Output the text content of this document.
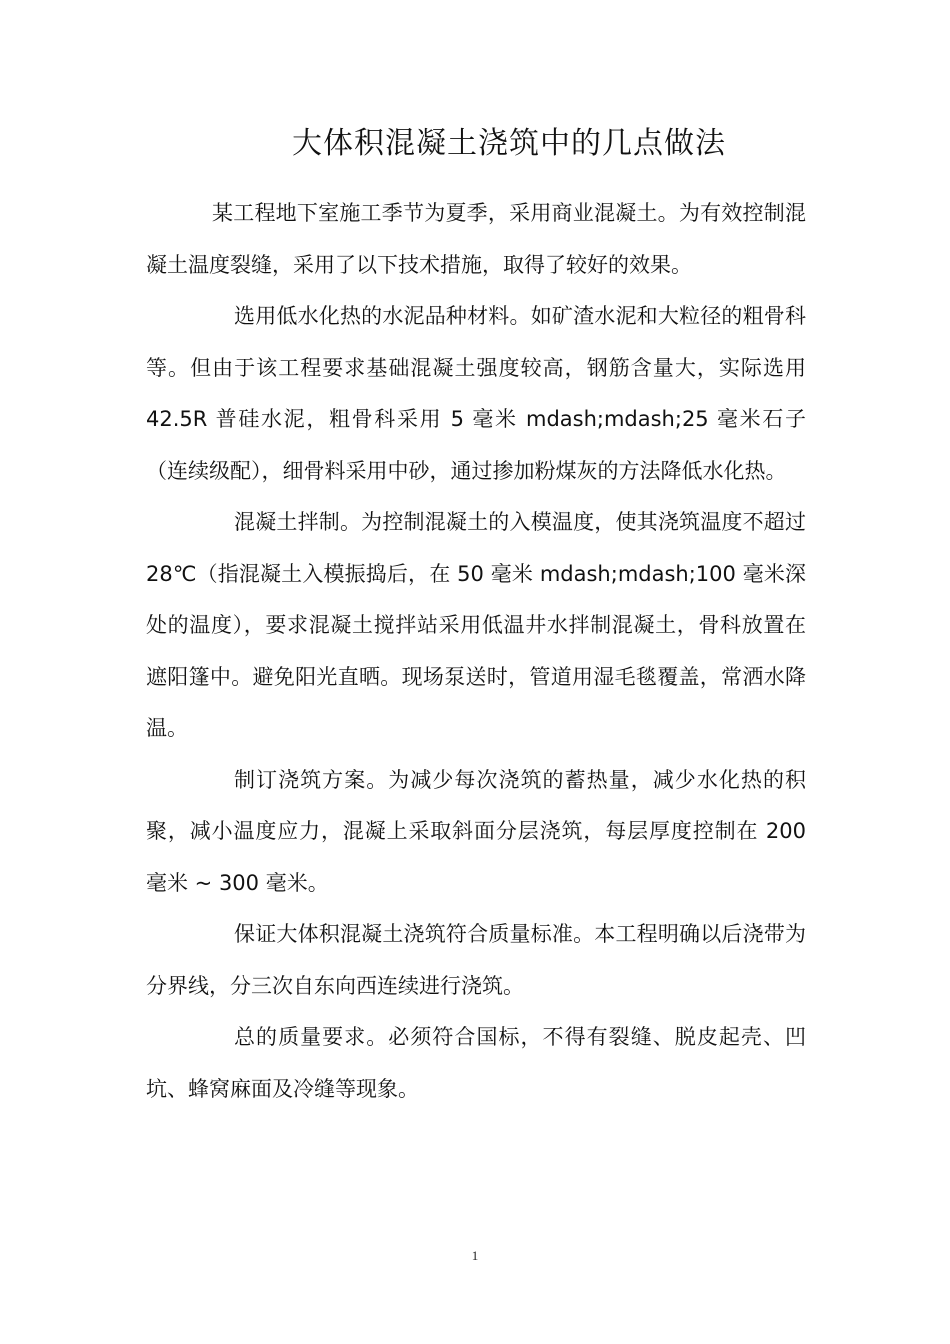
大体积混凝土浇筑中的几点做法

某工程地下室施工季节为夏季，采用商业混凝土。为有效控制混凝土温度裂缝，采用了以下技术措施，取得了较好的效果。

选用低水化热的水泥品种材料。如矿渣水泥和大粒径的粗骨科等。但由于该工程要求基础混凝土强度较高，钢筋含量大，实际选用 42.5R 普硅水泥，粗骨科采用 5 毫米 mdash;mdash;25 毫米石子（连续级配），细骨料采用中砂，通过掺加粉煤灰的方法降低水化热。

混凝土拌制。为控制混凝土的入模温度，使其浇筑温度不超过 28℃（指混凝土入模振捣后，在 50 毫米 mdash;mdash;100 毫米深处的温度），要求混凝土搅拌站采用低温井水拌制混凝土，骨科放置在遮阳篷中。避免阳光直晒。现场泵送时，管道用湿毛毯覆盖，常洒水降温。

制订浇筑方案。为减少每次浇筑的蓄热量，减少水化热的积聚，减小温度应力，混凝上采取斜面分层浇筑，每层厚度控制在 200 毫米 ~ 300 毫米。

保证大体积混凝土浇筑符合质量标准。本工程明确以后浇带为分界线，分三次自东向西连续进行浇筑。

总的质量要求。必须符合国标，不得有裂缝、脱皮起壳、凹坑、蜂窝麻面及冷缝等现象。

1
